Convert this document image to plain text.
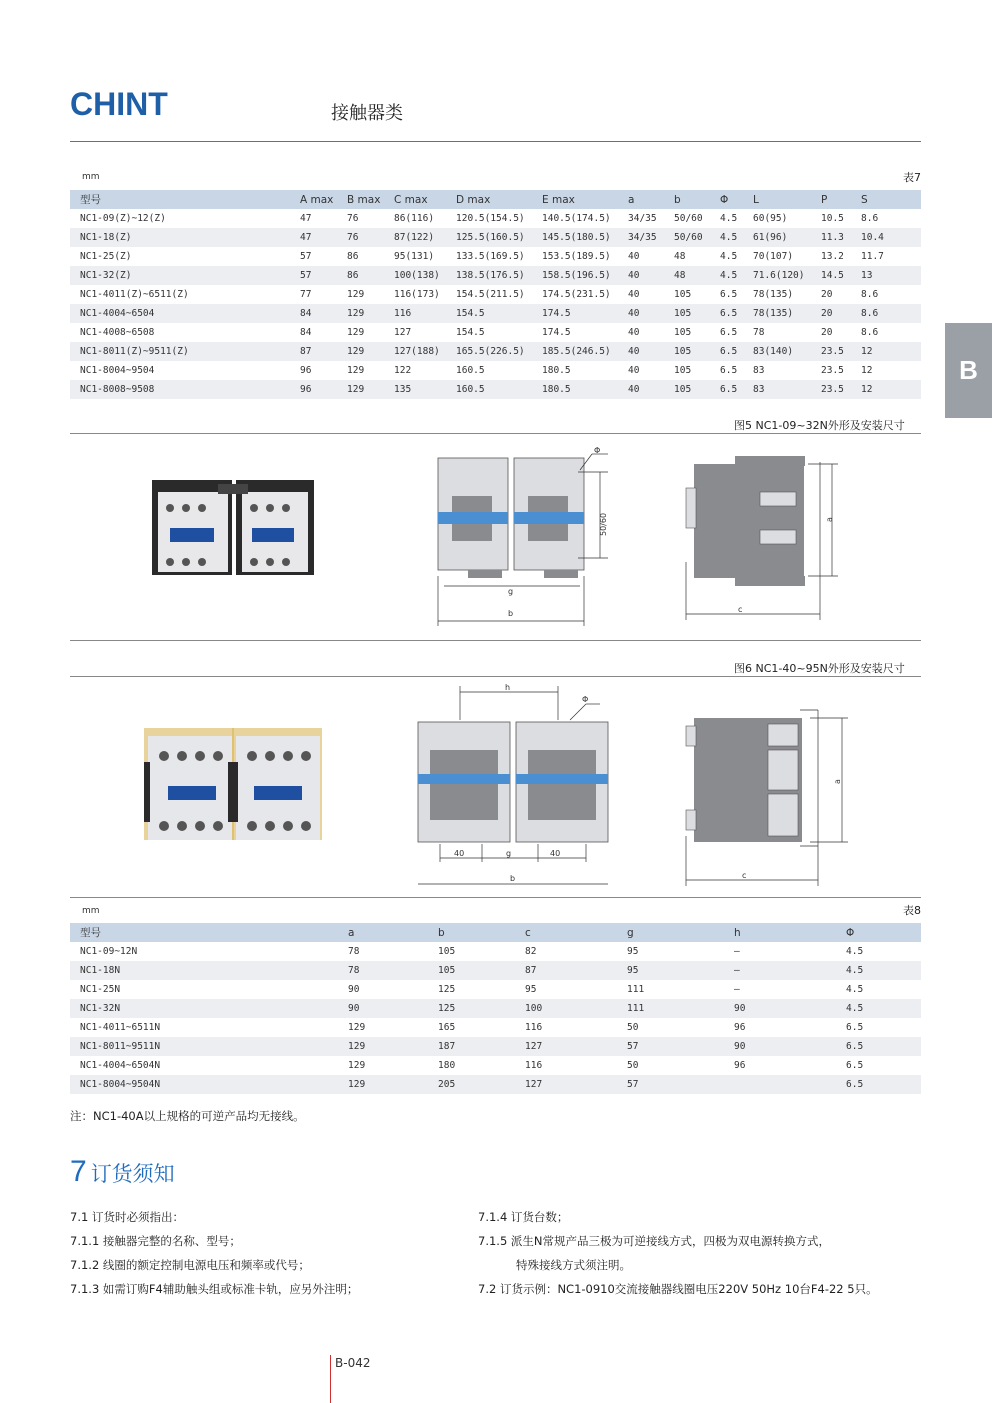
CHINT	接触器类
B
mm	表7
型号	A max	B max	C max	D max	E max	a	b	Φ	L	P	S
NC1-09(Z)~12(Z)	47	76	86(116)	120.5(154.5)	140.5(174.5)	34/35	50/60	4.5	60(95)	10.5	8.6
NC1-18(Z)	47	76	87(122)	125.5(160.5)	145.5(180.5)	34/35	50/60	4.5	61(96)	11.3	10.4
NC1-25(Z)	57	86	95(131)	133.5(169.5)	153.5(189.5)	40	48	4.5	70(107)	13.2	11.7
NC1-32(Z)	57	86	100(138)	138.5(176.5)	158.5(196.5)	40	48	4.5	71.6(120)	14.5	13
NC1-4011(Z)~6511(Z)	77	129	116(173)	154.5(211.5)	174.5(231.5)	40	105	6.5	78(135)	20	8.6
NC1-4004~6504	84	129	116	154.5	174.5	40	105	6.5	78(135)	20	8.6
NC1-4008~6508	84	129	127	154.5	174.5	40	105	6.5	78	20	8.6
NC1-8011(Z)~9511(Z)	87	129	127(188)	165.5(226.5)	185.5(246.5)	40	105	6.5	83(140)	23.5	12
NC1-8004~9504	96	129	122	160.5	180.5	40	105	6.5	83	23.5	12
NC1-8008~9508	96	129	135	160.5	180.5	40	105	6.5	83	23.5	12
图5 NC1-09~32N外形及安装尺寸
Φ
50/60
g
b
a
c
图6 NC1-40~95N外形及安装尺寸
h
Φ
40	g	40
b
a
c
mm	表8
型号	a	b	c	g	h	Φ
NC1-09~12N	78	105	82	95	–	4.5
NC1-18N	78	105	87	95	–	4.5
NC1-25N	90	125	95	111	–	4.5
NC1-32N	90	125	100	111	90	4.5
NC1-4011~6511N	129	165	116	50	96	6.5
NC1-8011~9511N	129	187	127	57	90	6.5
NC1-4004~6504N	129	180	116	50	96	6.5
NC1-8004~9504N	129	205	127	57		6.5
注：NC1-40A以上规格的可逆产品均无接线。
7 订货须知
7.1 订货时必须指出：
7.1.1 接触器完整的名称、型号；
7.1.2 线圈的额定控制电源电压和频率或代号；
7.1.3 如需订购F4辅助触头组或标准卡轨，应另外注明；
7.1.4 订货台数；
7.1.5 派生N常规产品三极为可逆接线方式，四极为双电源转换方式，
特殊接线方式须注明。
7.2 订货示例：NC1-0910交流接触器线圈电压220V 50Hz 10台F4-22 5只。
B-042
